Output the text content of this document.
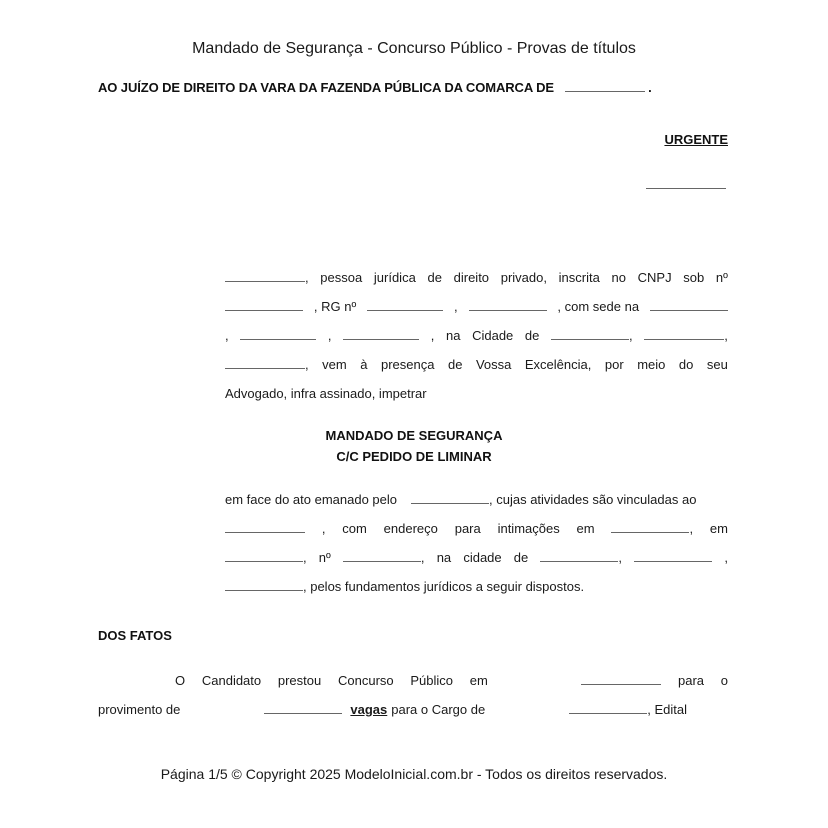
Mandado de Segurança - Concurso Público - Provas de títulos
AO JUÍZO DE DIREITO DA VARA DA FAZENDA PÚBLICA DA COMARCA DE	.
URGENTE
, pessoa jurídica de direito privado, inscrita no CNPJ sob nº
, RG nº	,	, com sede na
,	,	, na Cidade de	,	,
, vem à presença de Vossa Excelência, por meio do seu
Advogado, infra assinado, impetrar
MANDADO DE SEGURANÇA
C/C PEDIDO DE LIMINAR
em face do ato emanado pelo	, cujas atividades são vinculadas ao
, com endereço para intimações em	, em
, nº	, na cidade de	,	,
, pelos fundamentos jurídicos a seguir dispostos.
DOS FATOS
O Candidato prestou Concurso Público em	para o
provimento de	vagas para o Cargo de	, Edital
Página 1/5 © Copyright 2025 ModeloInicial.com.br - Todos os direitos reservados.
